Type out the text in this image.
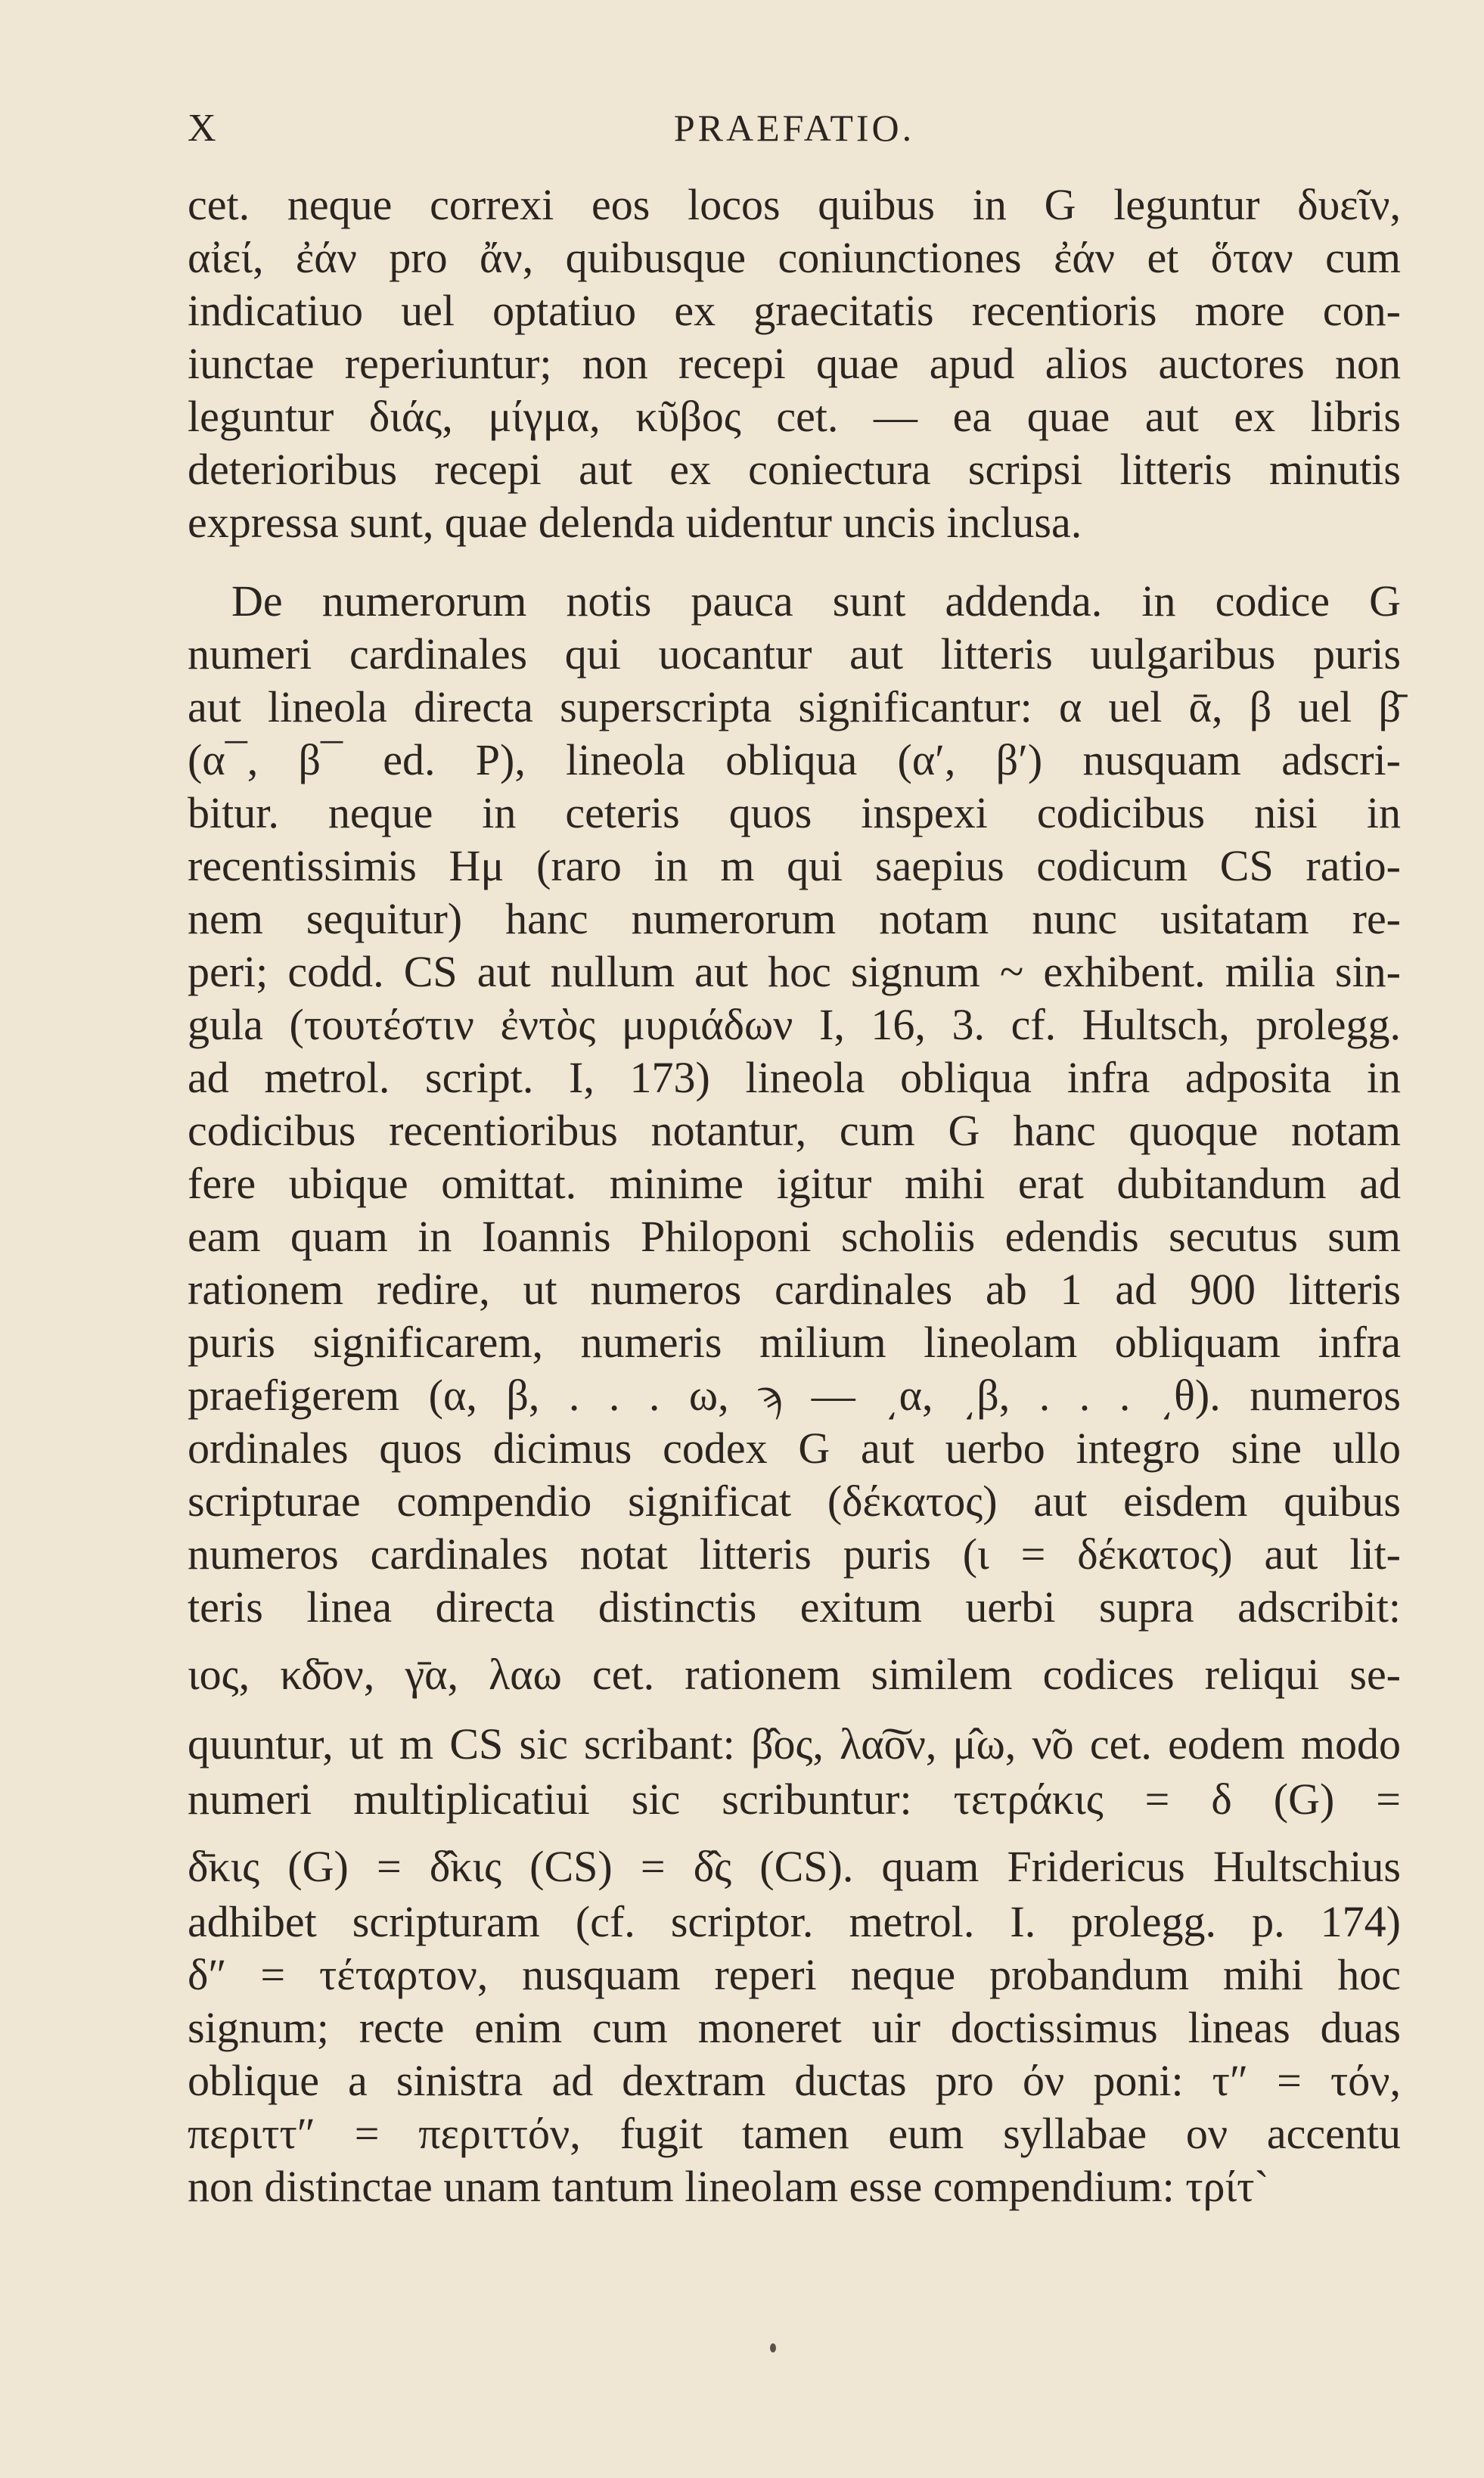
X	PRAEFATIO.
cet. neque correxi eos locos quibus in G leguntur δυεῖν,
αἰεί, ἐάν pro ἄν, quibusque coniunctiones ἐάν et ὅταν cum
indicatiuo uel optatiuo ex graecitatis recentioris more con-
iunctae reperiuntur; non recepi quae apud alios auctores non
leguntur διάς, μίγμα, κῦβος cet. — ea quae aut ex libris
deterioribus recepi aut ex coniectura scripsi litteris minutis
expressa sunt, quae delenda uidentur uncis inclusa.
De numerorum notis pauca sunt addenda. in codice G
numeri cardinales qui uocantur aut litteris uulgaribus puris
aut lineola directa superscripta significantur: α uel ᾱ, β uel β̄
(α¯, β¯ ed. P), lineola obliqua (α′, β′) nusquam adscri-
bitur. neque in ceteris quos inspexi codicibus nisi in
recentissimis Hμ (raro in m qui saepius codicum CS ratio-
nem sequitur) hanc numerorum notam nunc usitatam re-
peri; codd. CS aut nullum aut hoc signum ~ exhibent. milia sin-
gula (τουτέστιν ἐντὸς μυριάδων I, 16, 3. cf. Hultsch, prolegg.
ad metrol. script. I, 173) lineola obliqua infra adposita in
codicibus recentioribus notantur, cum G hanc quoque notam
fere ubique omittat. minime igitur mihi erat dubitandum ad
eam quam in Ioannis Philoponi scholiis edendis secutus sum
rationem redire, ut numeros cardinales ab 1 ad 900 litteris
puris significarem, numeris milium lineolam obliquam infra
praefigerem (α, β, . . . ω, ϡ — ͵α, ͵β, . . . ͵θ). numeros
ordinales quos dicimus codex G aut uerbo integro sine ullo
scripturae compendio significat (δέκατος) aut eisdem quibus
numeros cardinales notat litteris puris (ι = δέκατος) aut lit-
teris linea directa distinctis exitum uerbi supra adscribit:
ιος, κδ̄ον, γ̄α, λαω cet. rationem similem codices reliqui se-
quuntur, ut m CS sic scribant: β̂ος, λα͠ον, μ̂ω, ν̃ο cet. eodem modo
numeri multiplicatiui sic scribuntur: τετράκις = δ (G) =
δ̄κις (G) = δ̂κις (CS) = δ̂ς (CS). quam Fridericus Hultschius
adhibet scripturam (cf. scriptor. metrol. I. prolegg. p. 174)
δ″ = τέταρτον, nusquam reperi neque probandum mihi hoc
signum; recte enim cum moneret uir doctissimus lineas duas
oblique a sinistra ad dextram ductas pro όν poni: τ″ = τόν,
περιττ″ = περιττόν, fugit tamen eum syllabae ον accentu
non distinctae unam tantum lineolam esse compendium: τρίτ`
